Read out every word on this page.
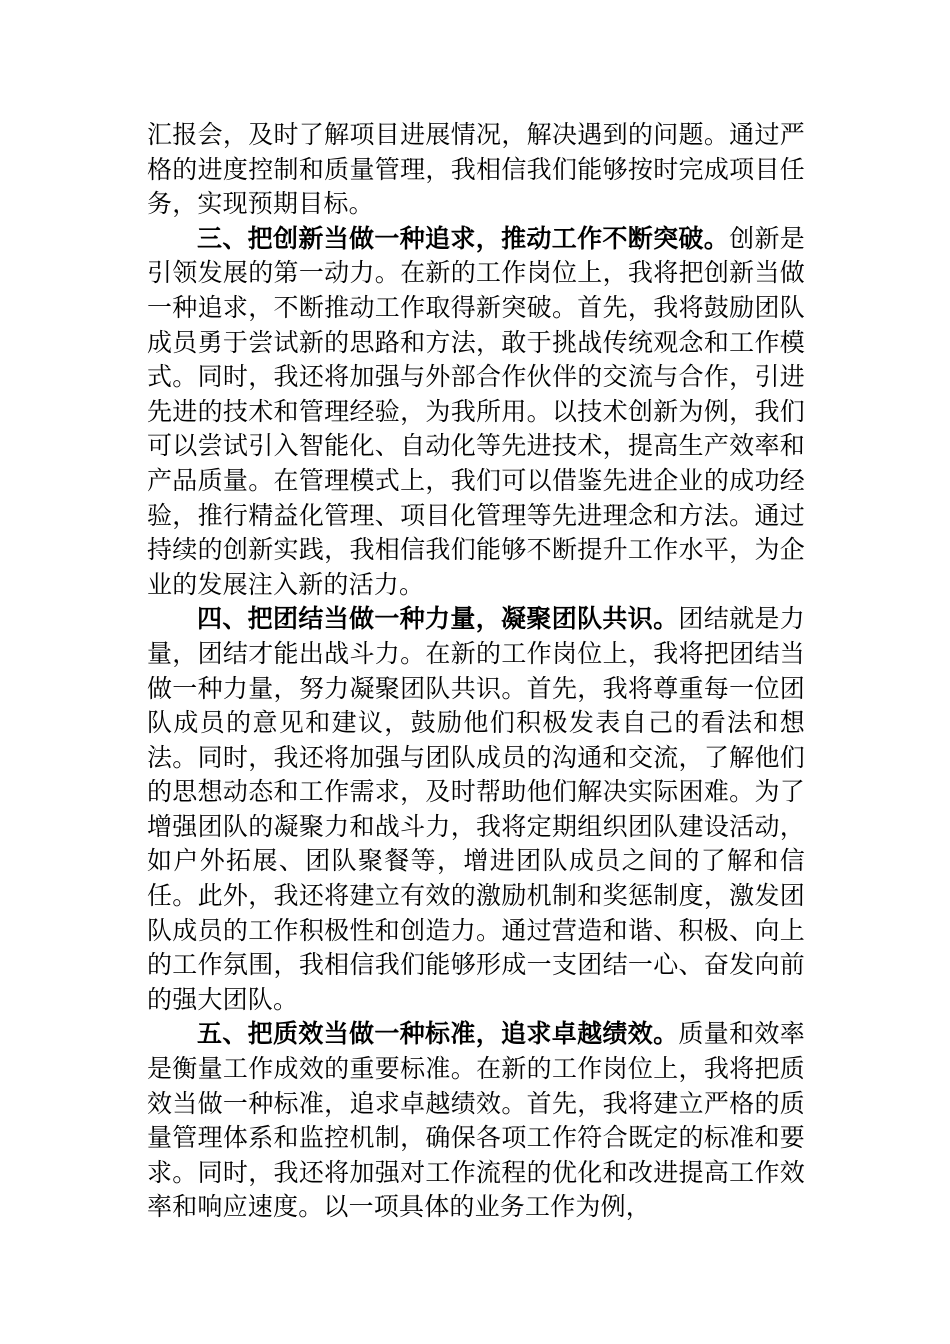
汇报会，及时了解项目进展情况，解决遇到的问题。通过严格的进度控制和质量管理，我相信我们能够按时完成项目任务，实现预期目标。

三、把创新当做一种追求，推动工作不断突破。创新是引领发展的第一动力。在新的工作岗位上，我将把创新当做一种追求，不断推动工作取得新突破。首先，我将鼓励团队成员勇于尝试新的思路和方法，敢于挑战传统观念和工作模式。同时，我还将加强与外部合作伙伴的交流与合作，引进先进的技术和管理经验，为我所用。以技术创新为例，我们可以尝试引入智能化、自动化等先进技术，提高生产效率和产品质量。在管理模式上，我们可以借鉴先进企业的成功经验，推行精益化管理、项目化管理等先进理念和方法。通过持续的创新实践，我相信我们能够不断提升工作水平，为企业的发展注入新的活力。

四、把团结当做一种力量，凝聚团队共识。团结就是力量，团结才能出战斗力。在新的工作岗位上，我将把团结当做一种力量，努力凝聚团队共识。首先，我将尊重每一位团队成员的意见和建议，鼓励他们积极发表自己的看法和想法。同时，我还将加强与团队成员的沟通和交流，了解他们的思想动态和工作需求，及时帮助他们解决实际困难。为了增强团队的凝聚力和战斗力，我将定期组织团队建设活动，如户外拓展、团队聚餐等，增进团队成员之间的了解和信任。此外，我还将建立有效的激励机制和奖惩制度，激发团队成员的工作积极性和创造力。通过营造和谐、积极、向上的工作氛围，我相信我们能够形成一支团结一心、奋发向前的强大团队。

五、把质效当做一种标准，追求卓越绩效。质量和效率是衡量工作成效的重要标准。在新的工作岗位上，我将把质效当做一种标准，追求卓越绩效。首先，我将建立严格的质量管理体系和监控机制，确保各项工作符合既定的标准和要求。同时，我还将加强对工作流程的优化和改进提高工作效率和响应速度。以一项具体的业务工作为例，
